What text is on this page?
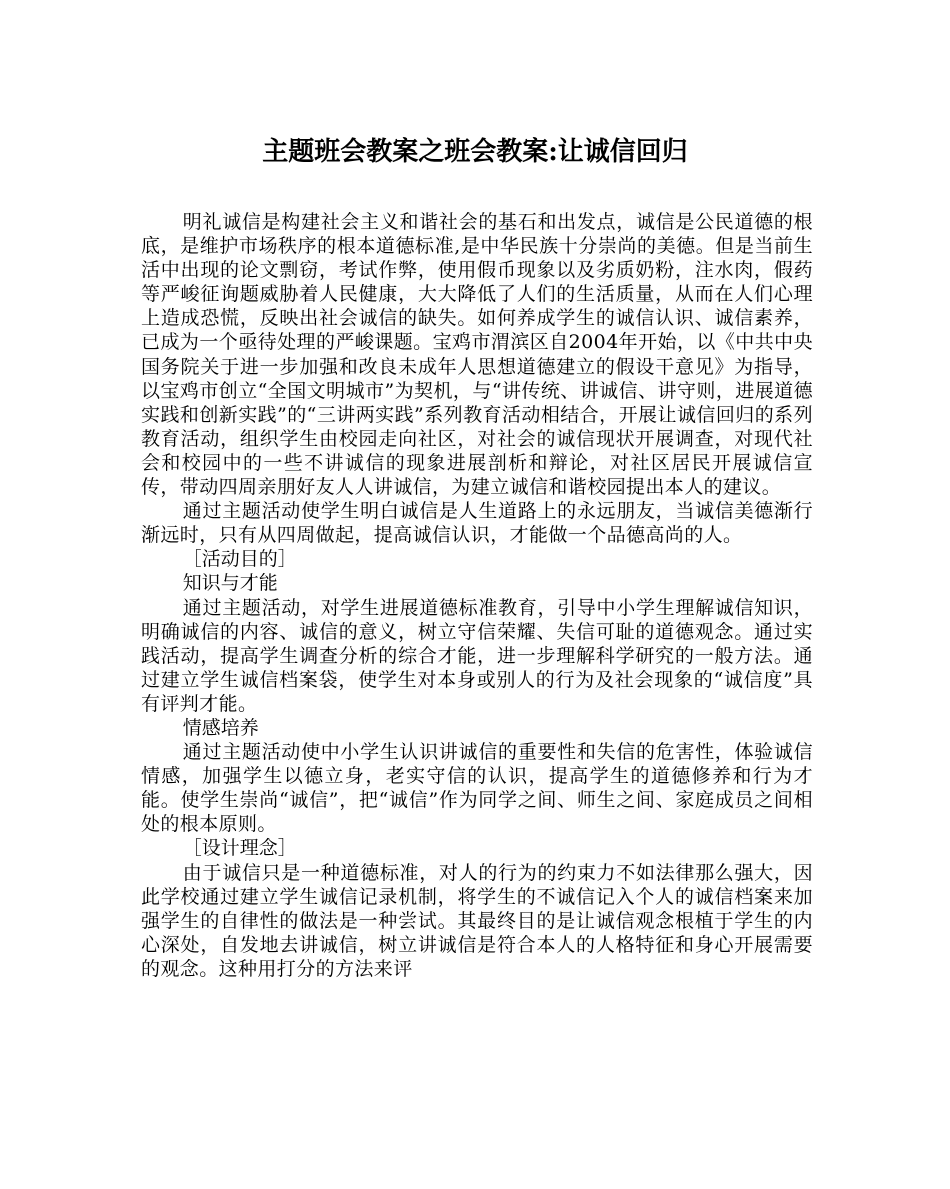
主题班会教案之班会教案:让诚信回归

明礼诚信是构建社会主义和谐社会的基石和出发点，诚信是公民道德的根底，是维护市场秩序的根本道德标准,是中华民族十分崇尚的美德。但是当前生活中出现的论文剽窃，考试作弊，使用假币现象以及劣质奶粉，注水肉，假药等严峻征询题威胁着人民健康，大大降低了人们的生活质量，从而在人们心理上造成恐慌，反映出社会诚信的缺失。如何养成学生的诚信认识、诚信素养，已成为一个亟待处理的严峻课题。宝鸡市渭滨区自2004年开始，以《中共中央国务院关于进一步加强和改良未成年人思想道德建立的假设干意见》为指导，以宝鸡市创立“全国文明城市”为契机，与“讲传统、讲诚信、讲守则，进展道德实践和创新实践”的“三讲两实践”系列教育活动相结合，开展让诚信回归的系列教育活动，组织学生由校园走向社区，对社会的诚信现状开展调查，对现代社会和校园中的一些不讲诚信的现象进展剖析和辩论，对社区居民开展诚信宣传，带动四周亲朋好友人人讲诚信，为建立诚信和谐校园提出本人的建议。

通过主题活动使学生明白诚信是人生道路上的永远朋友，当诚信美德渐行渐远时，只有从四周做起，提高诚信认识，才能做一个品德高尚的人。

［活动目的］

知识与才能

通过主题活动，对学生进展道德标准教育，引导中小学生理解诚信知识，明确诚信的内容、诚信的意义，树立守信荣耀、失信可耻的道德观念。通过实践活动，提高学生调查分析的综合才能，进一步理解科学研究的一般方法。通过建立学生诚信档案袋，使学生对本身或别人的行为及社会现象的“诚信度”具有评判才能。

情感培养

通过主题活动使中小学生认识讲诚信的重要性和失信的危害性，体验诚信情感，加强学生以德立身，老实守信的认识，提高学生的道德修养和行为才能。使学生崇尚“诚信”，把“诚信”作为同学之间、师生之间、家庭成员之间相处的根本原则。

［设计理念］

由于诚信只是一种道德标准，对人的行为的约束力不如法律那么强大，因此学校通过建立学生诚信记录机制，将学生的不诚信记入个人的诚信档案来加强学生的自律性的做法是一种尝试。其最终目的是让诚信观念根植于学生的内心深处，自发地去讲诚信，树立讲诚信是符合本人的人格特征和身心开展需要的观念。这种用打分的方法来评
